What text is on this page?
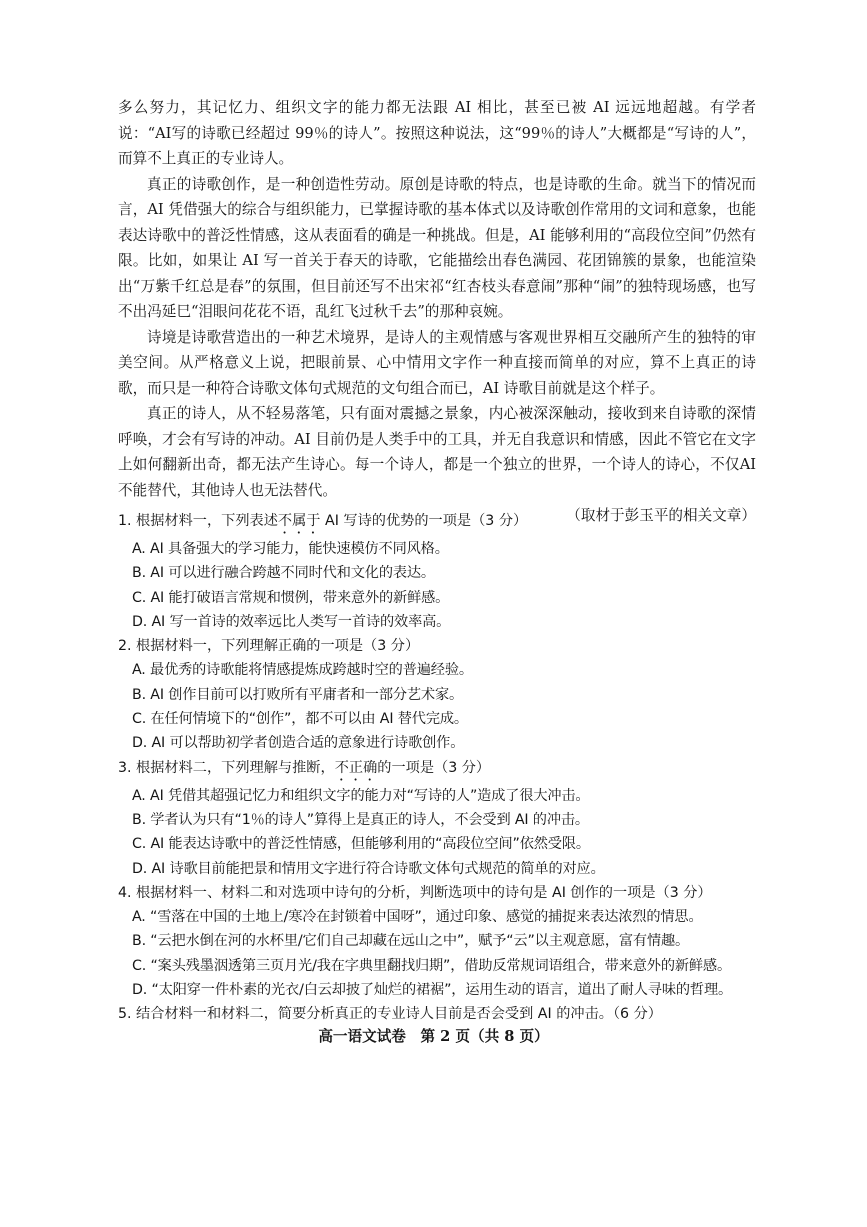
多么努力，其记忆力、组织文字的能力都无法跟 AI 相比，甚至已被 AI 远远地超越。有学者说：“AI写的诗歌已经超过 99％的诗人”。按照这种说法，这“99％的诗人”大概都是“写诗的人”，而算不上真正的专业诗人。

真正的诗歌创作，是一种创造性劳动。原创是诗歌的特点，也是诗歌的生命。就当下的情况而言，AI 凭借强大的综合与组织能力，已掌握诗歌的基本体式以及诗歌创作常用的文词和意象，也能表达诗歌中的普泛性情感，这从表面看的确是一种挑战。但是，AI 能够利用的“高段位空间”仍然有限。比如，如果让 AI 写一首关于春天的诗歌，它能描绘出春色满园、花团锦簇的景象，也能渲染出“万紫千红总是春”的氛围，但目前还写不出宋祁“红杏枝头春意闹”那种“闹”的独特现场感，也写不出冯延巳“泪眼问花花不语，乱红飞过秋千去”的那种哀婉。

诗境是诗歌营造出的一种艺术境界，是诗人的主观情感与客观世界相互交融所产生的独特的审美空间。从严格意义上说，把眼前景、心中情用文字作一种直接而简单的对应，算不上真正的诗歌，而只是一种符合诗歌文体句式规范的文句组合而已，AI 诗歌目前就是这个样子。

真正的诗人，从不轻易落笔，只有面对震撼之景象，内心被深深触动，接收到来自诗歌的深情呼唤，才会有写诗的冲动。AI 目前仍是人类手中的工具，并无自我意识和情感，因此不管它在文字上如何翻新出奇，都无法产生诗心。每一个诗人，都是一个独立的世界，一个诗人的诗心，不仅AI 不能替代，其他诗人也无法替代。

（取材于彭玉平的相关文章）

1. 根据材料一，下列表述不属于 AI 写诗的优势的一项是（3 分）

A. AI 具备强大的学习能力，能快速模仿不同风格。

B. AI 可以进行融合跨越不同时代和文化的表达。

C. AI 能打破语言常规和惯例，带来意外的新鲜感。

D. AI 写一首诗的效率远比人类写一首诗的效率高。

2. 根据材料一，下列理解正确的一项是（3 分）

A. 最优秀的诗歌能将情感提炼成跨越时空的普遍经验。

B. AI 创作目前可以打败所有平庸者和一部分艺术家。

C. 在任何情境下的“创作”，都不可以由 AI 替代完成。

D. AI 可以帮助初学者创造合适的意象进行诗歌创作。

3. 根据材料二，下列理解与推断，不正确的一项是（3 分）

A. AI 凭借其超强记忆力和组织文字的能力对“写诗的人”造成了很大冲击。

B. 学者认为只有“1％的诗人”算得上是真正的诗人，不会受到 AI 的冲击。

C. AI 能表达诗歌中的普泛性情感，但能够利用的“高段位空间”依然受限。

D. AI 诗歌目前能把景和情用文字进行符合诗歌文体句式规范的简单的对应。

4. 根据材料一、材料二和对选项中诗句的分析，判断选项中的诗句是 AI 创作的一项是（3 分）

A. “雪落在中国的土地上/寒冷在封锁着中国呀”，通过印象、感觉的捕捉来表达浓烈的情思。

B. “云把水倒在河的水杯里/它们自己却藏在远山之中”，赋予“云”以主观意愿，富有情趣。

C. “案头残墨洇透第三页月光/我在字典里翻找归期”，借助反常规词语组合，带来意外的新鲜感。

D. “太阳穿一件朴素的光衣/白云却披了灿烂的裙裾”，运用生动的语言，道出了耐人寻味的哲理。

5. 结合材料一和材料二，简要分析真正的专业诗人目前是否会受到 AI 的冲击。（6 分）

高一语文试卷　第 2 页（共 8 页）
